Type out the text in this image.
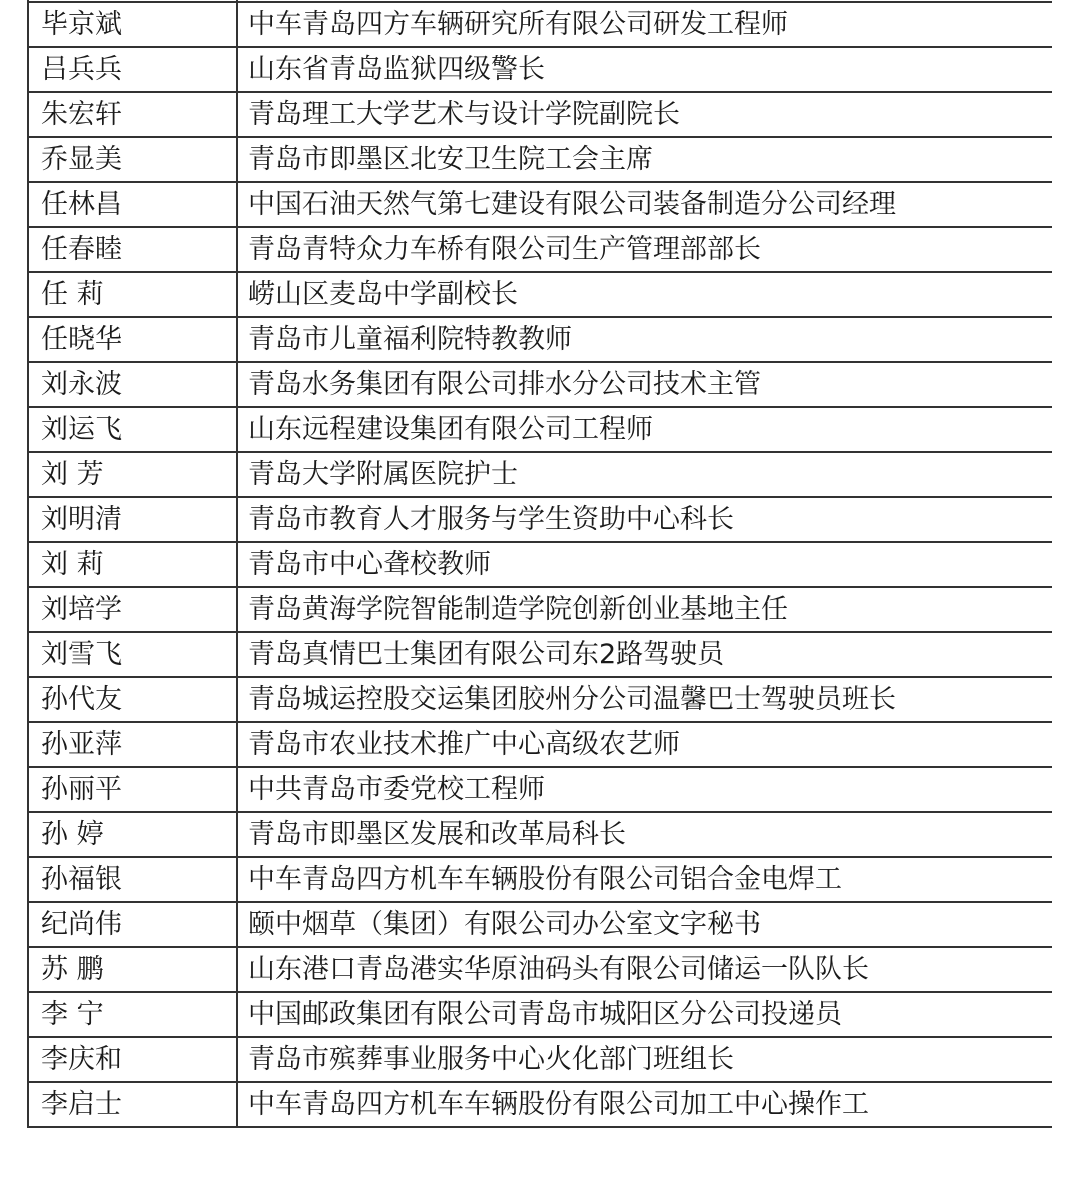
毕京斌	中车青岛四方车辆研究所有限公司研发工程师
吕兵兵	山东省青岛监狱四级警长
朱宏轩	青岛理工大学艺术与设计学院副院长
乔显美	青岛市即墨区北安卫生院工会主席
任林昌	中国石油天然气第七建设有限公司装备制造分公司经理
任春睦	青岛青特众力车桥有限公司生产管理部部长
任 莉	崂山区麦岛中学副校长
任晓华	青岛市儿童福利院特教教师
刘永波	青岛水务集团有限公司排水分公司技术主管
刘运飞	山东远程建设集团有限公司工程师
刘 芳	青岛大学附属医院护士
刘明清	青岛市教育人才服务与学生资助中心科长
刘 莉	青岛市中心聋校教师
刘培学	青岛黄海学院智能制造学院创新创业基地主任
刘雪飞	青岛真情巴士集团有限公司东2路驾驶员
孙代友	青岛城运控股交运集团胶州分公司温馨巴士驾驶员班长
孙亚萍	青岛市农业技术推广中心高级农艺师
孙丽平	中共青岛市委党校工程师
孙 婷	青岛市即墨区发展和改革局科长
孙福银	中车青岛四方机车车辆股份有限公司铝合金电焊工
纪尚伟	颐中烟草（集团）有限公司办公室文字秘书
苏 鹏	山东港口青岛港实华原油码头有限公司储运一队队长
李 宁	中国邮政集团有限公司青岛市城阳区分公司投递员
李庆和	青岛市殡葬事业服务中心火化部门班组长
李启士	中车青岛四方机车车辆股份有限公司加工中心操作工
